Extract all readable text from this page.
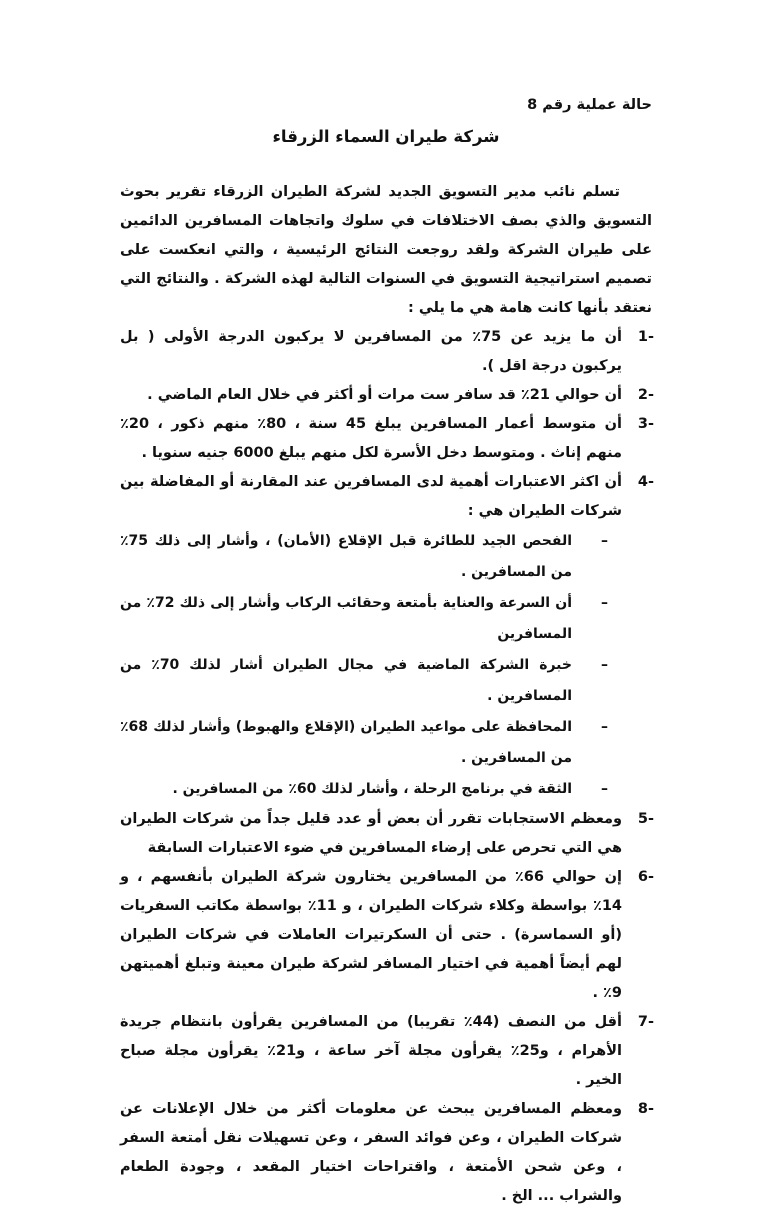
حالة عملية رقم 8
شركة طيران السماء الزرقاء
تسلم نائب مدير التسويق الجديد لشركة الطيران الزرقاء تقرير بحوث التسويق والذي بصف الاختلافات في سلوك واتجاهات المسافرين الدائمين على طيران الشركة ولقد روجعت النتائج الرئيسية ، والتي انعكست على تصميم استراتيجية التسويق في السنوات التالية لهذه الشركة . والنتائج التي نعتقد بأنها كانت هامة هي ما يلي :
1-
أن ما يزيد عن 75٪ من المسافرين لا يركبون الدرجة الأولى ( بل يركبون درجة اقل ).
2-
أن حوالي 21٪ قد سافر ست مرات أو أكثر في خلال العام الماضي .
3-
أن متوسط أعمار المسافرين يبلغ 45 سنة ، 80٪ منهم ذكور ، 20٪ منهم إناث . ومتوسط دخل الأسرة لكل منهم يبلغ 6000 جنيه سنويا .
4-
أن اكثر الاعتبارات أهمية لدى المسافرين عند المقارنة أو المفاضلة بين شركات الطيران هي :
–
الفحص الجيد للطائرة قبل الإقلاع (الأمان) ، وأشار إلى ذلك 75٪ من المسافرين .
–
أن السرعة والعناية بأمتعة وحقائب الركاب وأشار إلى ذلك 72٪ من المسافرين
–
خبرة الشركة الماضية في مجال الطيران أشار لذلك 70٪ من المسافرين .
–
المحافظة على مواعيد الطيران (الإقلاع والهبوط) وأشار لذلك 68٪ من المسافرين .
–
الثقة في برنامج الرحلة ، وأشار لذلك 60٪ من المسافرين .
5-
ومعظم الاستجابات تقرر أن بعض أو عدد قليل جداً من شركات الطيران هي التي تحرص على إرضاء المسافرين في ضوء الاعتبارات السابقة
6-
إن حوالي 66٪ من المسافرين يختارون شركة الطيران بأنفسهم ، و 14٪ بواسطة وكلاء شركات الطيران ، و 11٪ بواسطة مكاتب السفريات (أو السماسرة) . حتى أن السكرتيرات العاملات في شركات الطيران لهم أيضاً أهمية في اختيار المسافر لشركة طيران معينة وتبلغ أهميتهن 9٪ .
7-
أقل من النصف (44٪ تقريبا) من المسافرين يقرأون بانتظام جريدة الأهرام ، و25٪ يقرأون مجلة آخر ساعة ، و21٪ يقرأون مجلة صباح الخير .
8-
ومعظم المسافرين يبحث عن معلومات أكثر من خلال الإعلانات عن شركات الطيران ، وعن فوائد السفر ، وعن تسهيلات نقل أمتعة السفر ، وعن شحن الأمتعة ، واقتراحات اختيار المقعد ، وجودة الطعام والشراب ... الخ .
